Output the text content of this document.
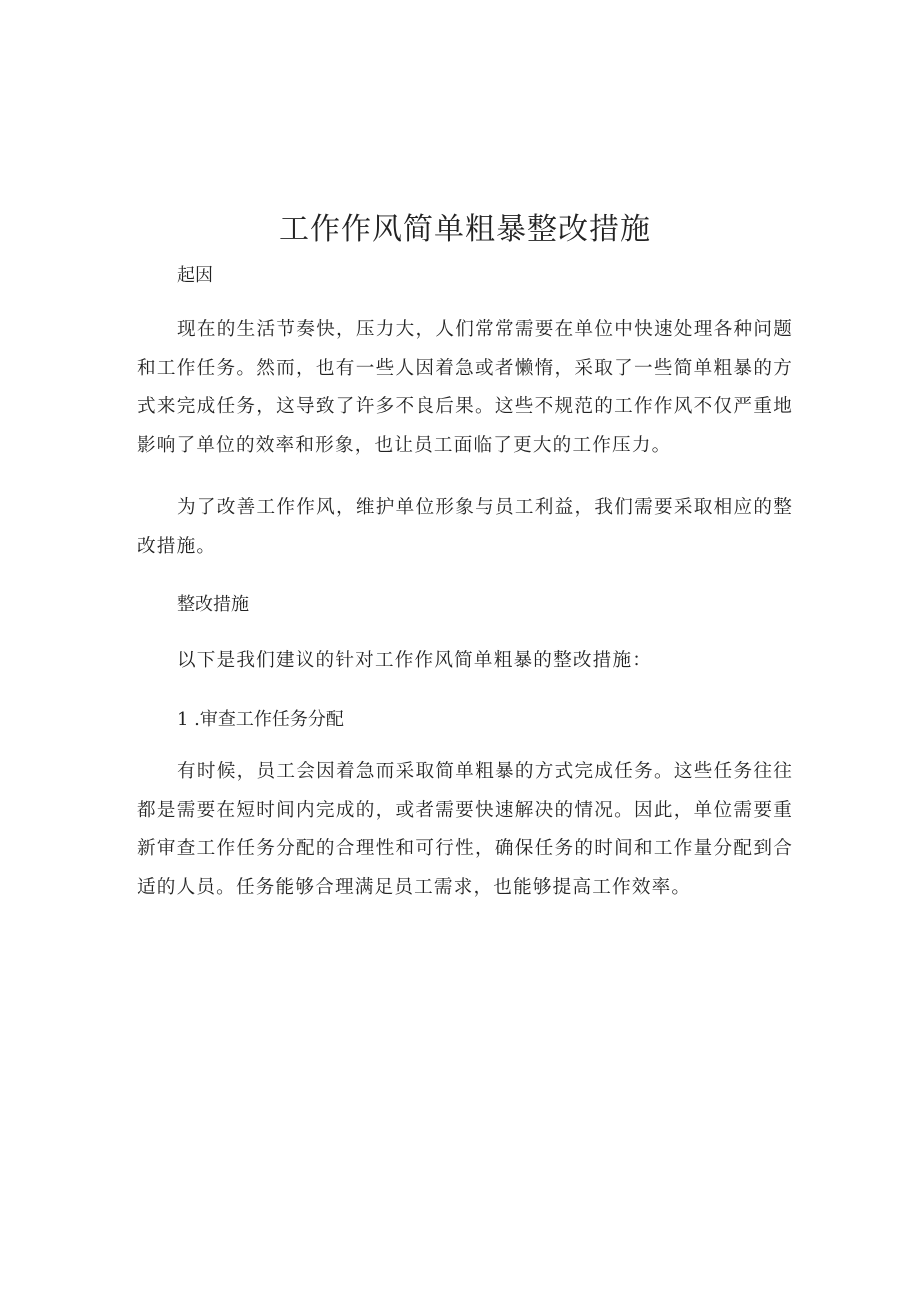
工作作风简单粗暴整改措施

起因

现在的生活节奏快，压力大，人们常常需要在单位中快速处理各种问题和工作任务。然而，也有一些人因着急或者懒惰，采取了一些简单粗暴的方式来完成任务，这导致了许多不良后果。这些不规范的工作作风不仅严重地影响了单位的效率和形象，也让员工面临了更大的工作压力。

为了改善工作作风，维护单位形象与员工利益，我们需要采取相应的整改措施。

整改措施

以下是我们建议的针对工作作风简单粗暴的整改措施：

1 .审查工作任务分配

有时候，员工会因着急而采取简单粗暴的方式完成任务。这些任务往往都是需要在短时间内完成的，或者需要快速解决的情况。因此，单位需要重新审查工作任务分配的合理性和可行性，确保任务的时间和工作量分配到合适的人员。任务能够合理满足员工需求，也能够提高工作效率。
